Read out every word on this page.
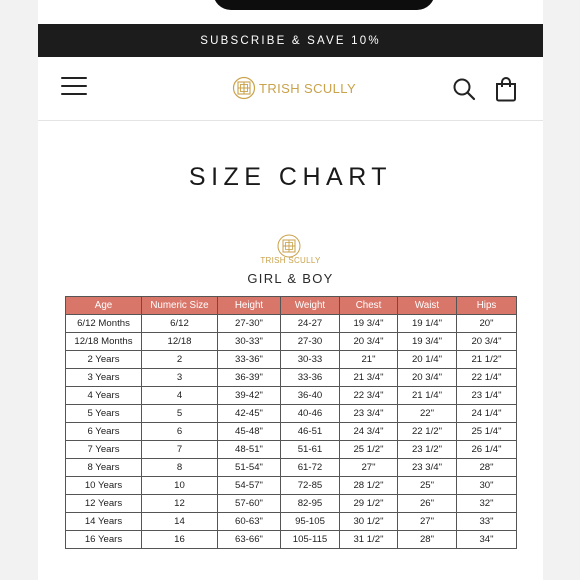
SUBSCRIBE & SAVE 10%
TRISH SCULLY
SIZE CHART
TRISH SCULLY
GIRL & BOY
Age	Numeric Size	Height	Weight	Chest	Waist	Hips
6/12 Months	6/12	27-30"	24-27	19 3/4"	19 1/4"	20"
12/18 Months	12/18	30-33"	27-30	20 3/4"	19 3/4"	20 3/4"
2 Years	2	33-36"	30-33	21"	20 1/4"	21 1/2"
3 Years	3	36-39"	33-36	21 3/4"	20 3/4"	22 1/4"
4 Years	4	39-42"	36-40	22 3/4"	21 1/4"	23 1/4"
5 Years	5	42-45"	40-46	23 3/4"	22"	24 1/4"
6 Years	6	45-48"	46-51	24 3/4"	22 1/2"	25 1/4"
7 Years	7	48-51"	51-61	25 1/2"	23 1/2"	26 1/4"
8 Years	8	51-54"	61-72	27"	23 3/4"	28"
10 Years	10	54-57"	72-85	28 1/2"	25"	30"
12 Years	12	57-60"	82-95	29 1/2"	26"	32"
14 Years	14	60-63"	95-105	30 1/2"	27"	33"
16 Years	16	63-66"	105-115	31 1/2"	28"	34"
